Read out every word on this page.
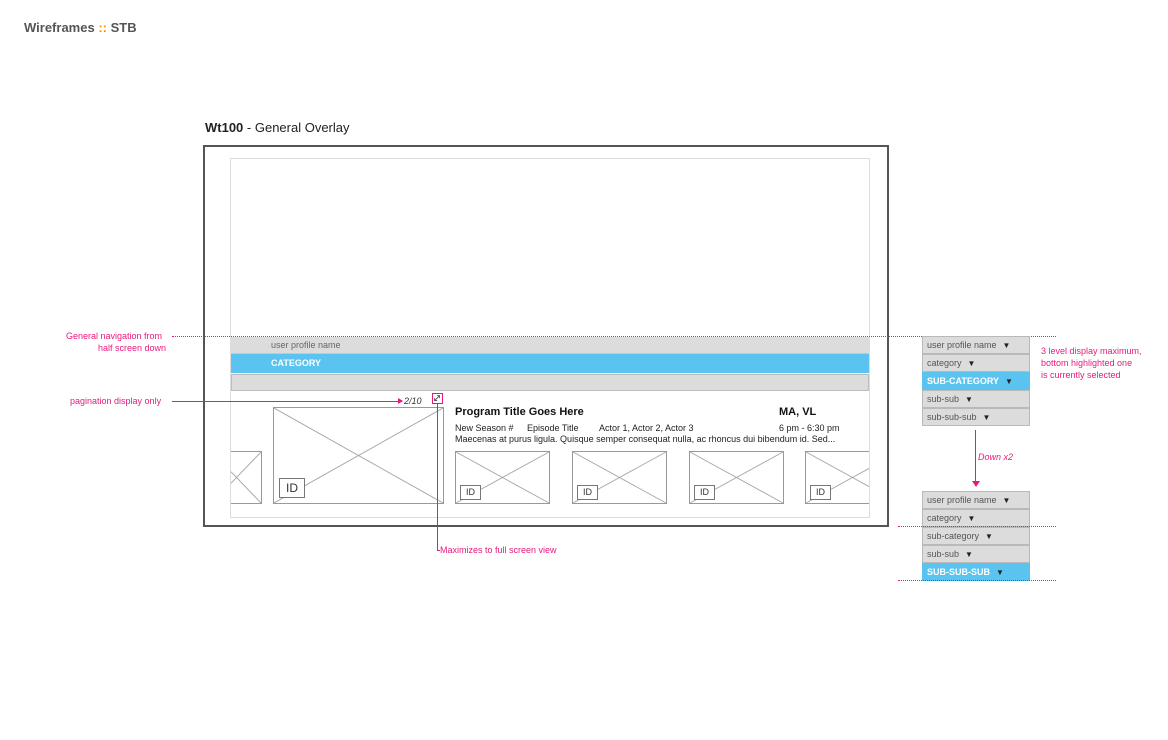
Wireframes :: STB
Wt100 - General Overlay
user profile name
CATEGORY
ID	ID	ID	ID	ID
2/10
Program Title Goes Here	MA, VL
New Season # Episode Title Actor 1, Actor 2, Actor 3	6 pm - 6:30 pm
Maecenas at purus ligula. Quisque semper consequat nulla, ac rhoncus dui bibendum id. Sed...
General navigation from
half screen down
pagination display only
Maximizes to full screen view
user profile name ▼
category ▼
SUB-CATEGORY ▼
sub-sub ▼
sub-sub-sub ▼
3 level display maximum,
bottom highlighted one
is currently selected
Down x2
user profile name ▼
category ▼
sub-category ▼
sub-sub ▼
SUB-SUB-SUB ▼
